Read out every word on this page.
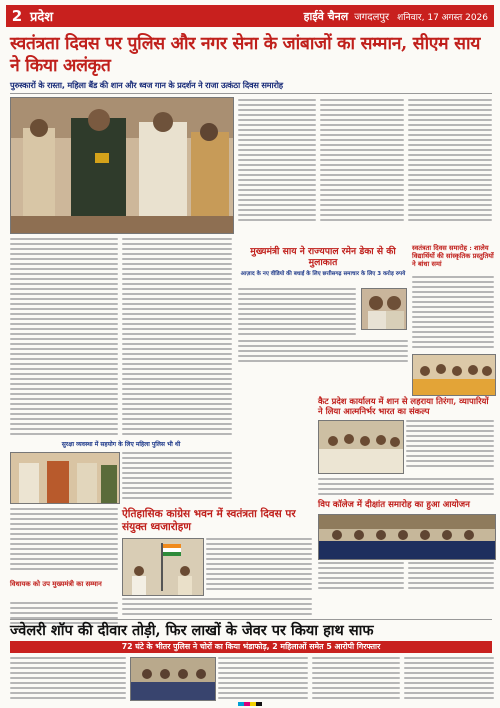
2 प्रदेश	हाईवे चैनल जगदलपुर शनिवार, 17 अगस्त 2026
स्वतंत्रता दिवस पर पुलिस और नगर सेना के जांबाजों का सम्मान, सीएम साय ने किया अलंकृत
पुरुस्कारों के रास्ता, महिला बैंड की शान और ध्वज गान के प्रदर्शन ने राजा उत्कंठा दिवस समारोह
मुख्यमंत्री साय ने राज्यपाल रमेन डेका से की मुलाकात
आज़ाद के नए वीडियो की बधाई के लिए छत्तीसगढ़ समाचार के लिए 3 करोड़ रुपये
स्वतंत्रता दिवस समारोह : शालेय विद्यार्थियों की सांस्कृतिक प्रस्तुतियों ने बांधा समां
सुरक्षा व्यवस्था में सहयोग के लिए महिला पुलिस भी थी
विधायक को उप मुख्यमंत्री का सम्मान
ऐतिहासिक कांग्रेस भवन में स्वतंत्रता दिवस पर संयुक्त ध्वजारोहण
कैट प्रदेश कार्यालय में शान से लहराया तिरंगा, व्यापारियों ने लिया आत्मनिर्भर भारत का संकल्प
विप कॉलेज में दीक्षांत समारोह का हुआ आयोजन
ज्वेलरी शॉप की दीवार तोड़ी, फिर लाखों के जेवर पर किया हाथ साफ
72 घंटे के भीतर पुलिस ने चोरों का किया भंडाफोड़, 2 महिलाओं समेत 5 आरोपी गिरफ्तार
